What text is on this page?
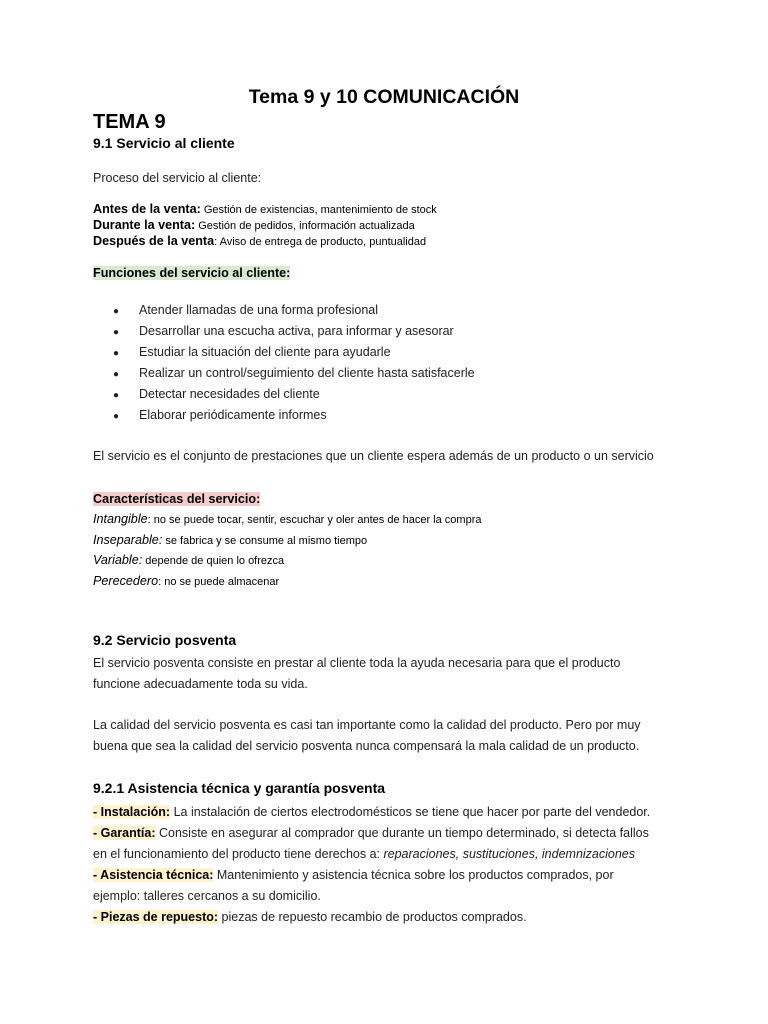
Tema 9 y 10 COMUNICACIÓN
TEMA 9
9.1 Servicio al cliente
Proceso del servicio al cliente:
Antes de la venta: Gestión de existencias, mantenimiento de stock
Durante la venta: Gestión de pedidos, información actualizada
Después de la venta: Aviso de entrega de producto, puntualidad
Funciones del servicio al cliente:
● Atender llamadas de una forma profesional
● Desarrollar una escucha activa, para informar y asesorar
● Estudiar la situación del cliente para ayudarle
● Realizar un control/seguimiento del cliente hasta satisfacerle
● Detectar necesidades del cliente
● Elaborar periódicamente informes
El servicio es el conjunto de prestaciones que un cliente espera además de un producto o un servicio
Características del servicio:
Intangible: no se puede tocar, sentir, escuchar y oler antes de hacer la compra
Inseparable: se fabrica y se consume al mismo tiempo
Variable: depende de quien lo ofrezca
Perecedero: no se puede almacenar
9.2 Servicio posventa
El servicio posventa consiste en prestar al cliente toda la ayuda necesaria para que el producto
funcione adecuadamente toda su vida.
La calidad del servicio posventa es casi tan importante como la calidad del producto. Pero por muy
buena que sea la calidad del servicio posventa nunca compensará la mala calidad de un producto.
9.2.1 Asistencia técnica y garantía posventa
- Instalación: La instalación de ciertos electrodomésticos se tiene que hacer por parte del vendedor.
- Garantía: Consiste en asegurar al comprador que durante un tiempo determinado, si detecta fallos
en el funcionamiento del producto tiene derechos a: reparaciones, sustituciones, indemnizaciones
- Asistencia técnica: Mantenimiento y asistencia técnica sobre los productos comprados, por
ejemplo: talleres cercanos a su domicilio.
- Piezas de repuesto: piezas de repuesto recambio de productos comprados.
